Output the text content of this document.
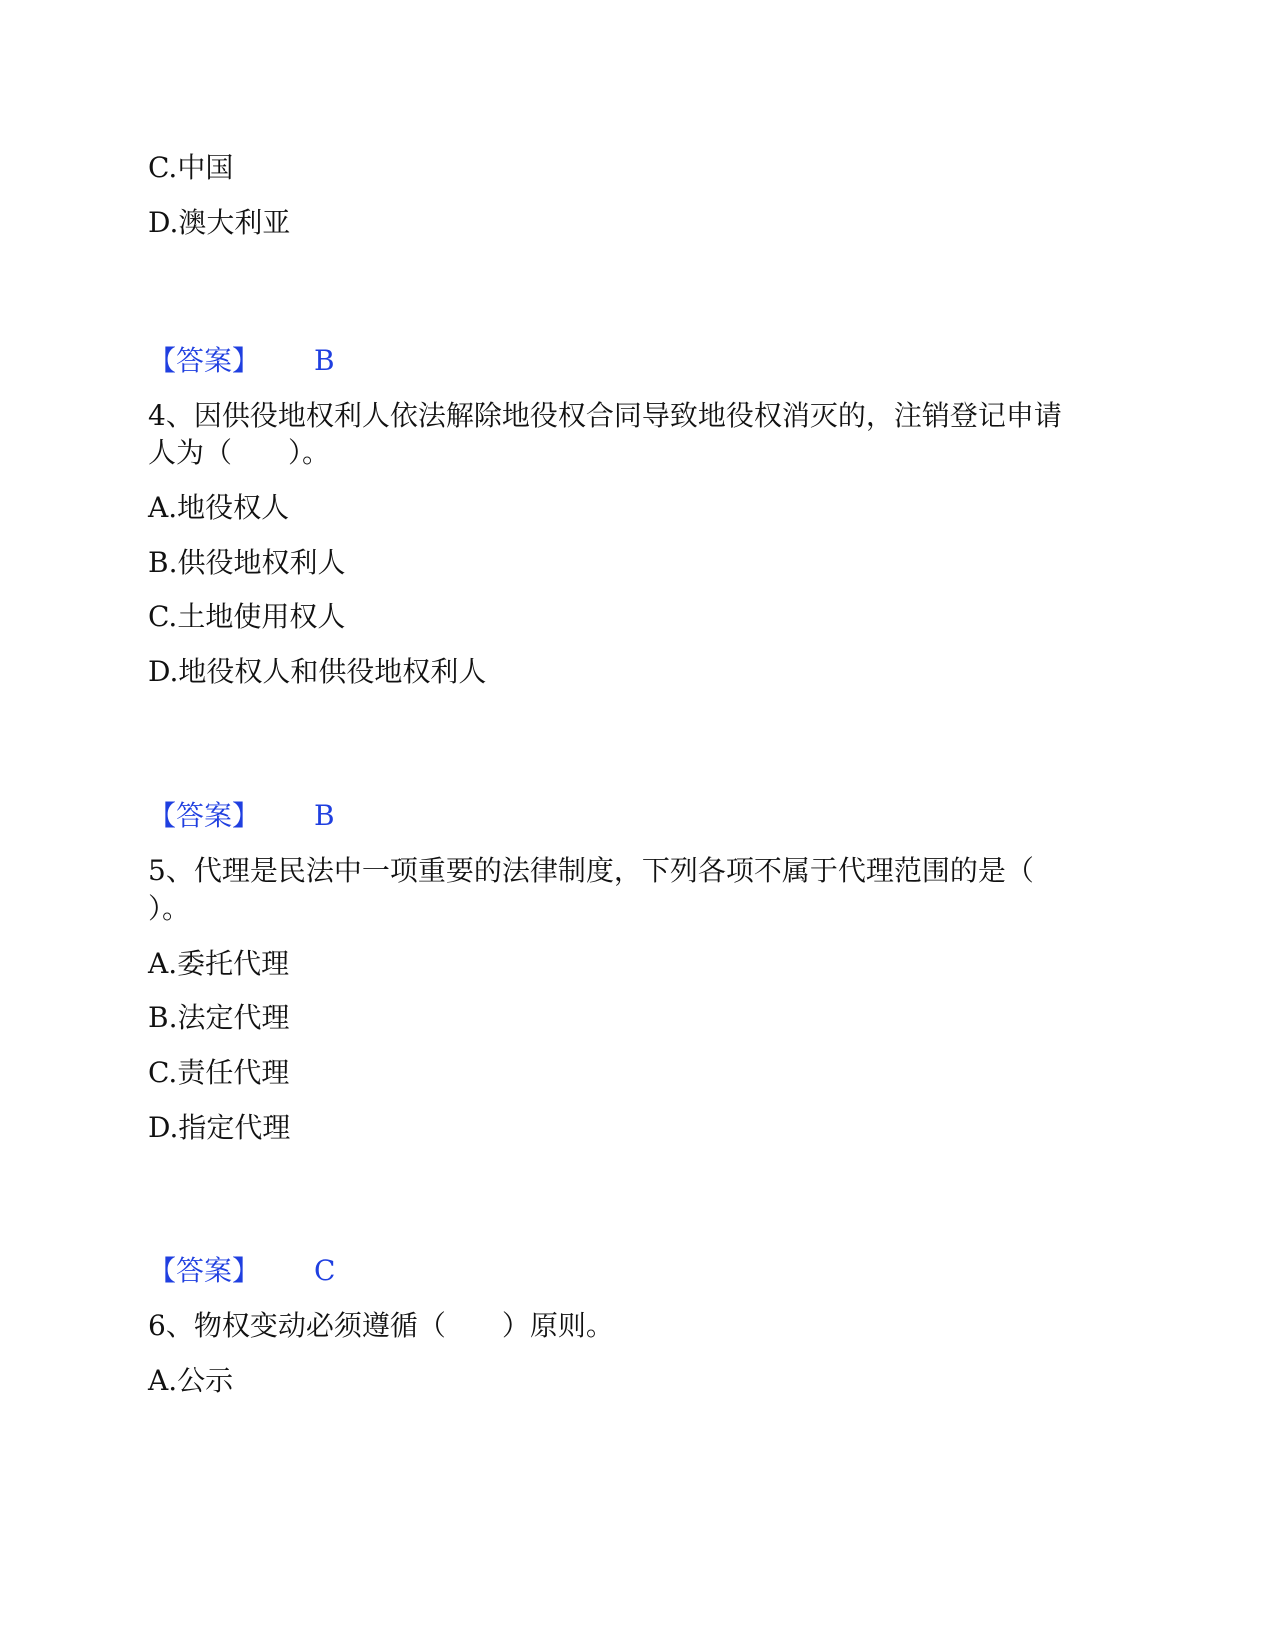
C.中国
D.澳大利亚
【答案】 B
4、因供役地权利人依法解除地役权合同导致地役权消灭的，注销登记申请
人为（　　）。
A.地役权人
B.供役地权利人
C.土地使用权人
D.地役权人和供役地权利人
【答案】 B
5、代理是民法中一项重要的法律制度，下列各项不属于代理范围的是（
）。
A.委托代理
B.法定代理
C.责任代理
D.指定代理
【答案】 C
6、物权变动必须遵循（　　）原则。
A.公示
